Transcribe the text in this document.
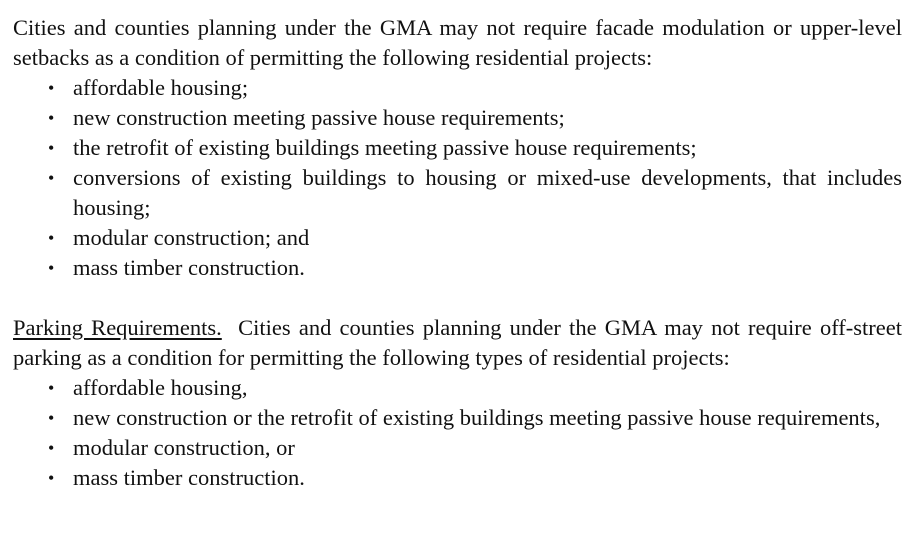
Cities and counties planning under the GMA may not require facade modulation or upper-level setbacks as a condition of permitting the following residential projects:

• affordable housing;
• new construction meeting passive house requirements;
• the retrofit of existing buildings meeting passive house requirements;
• conversions of existing buildings to housing or mixed-use developments, that includes housing;
• modular construction; and
• mass timber construction.

Parking Requirements. Cities and counties planning under the GMA may not require off-street parking as a condition for permitting the following types of residential projects:

• affordable housing,
• new construction or the retrofit of existing buildings meeting passive house requirements,
• modular construction, or
• mass timber construction.
